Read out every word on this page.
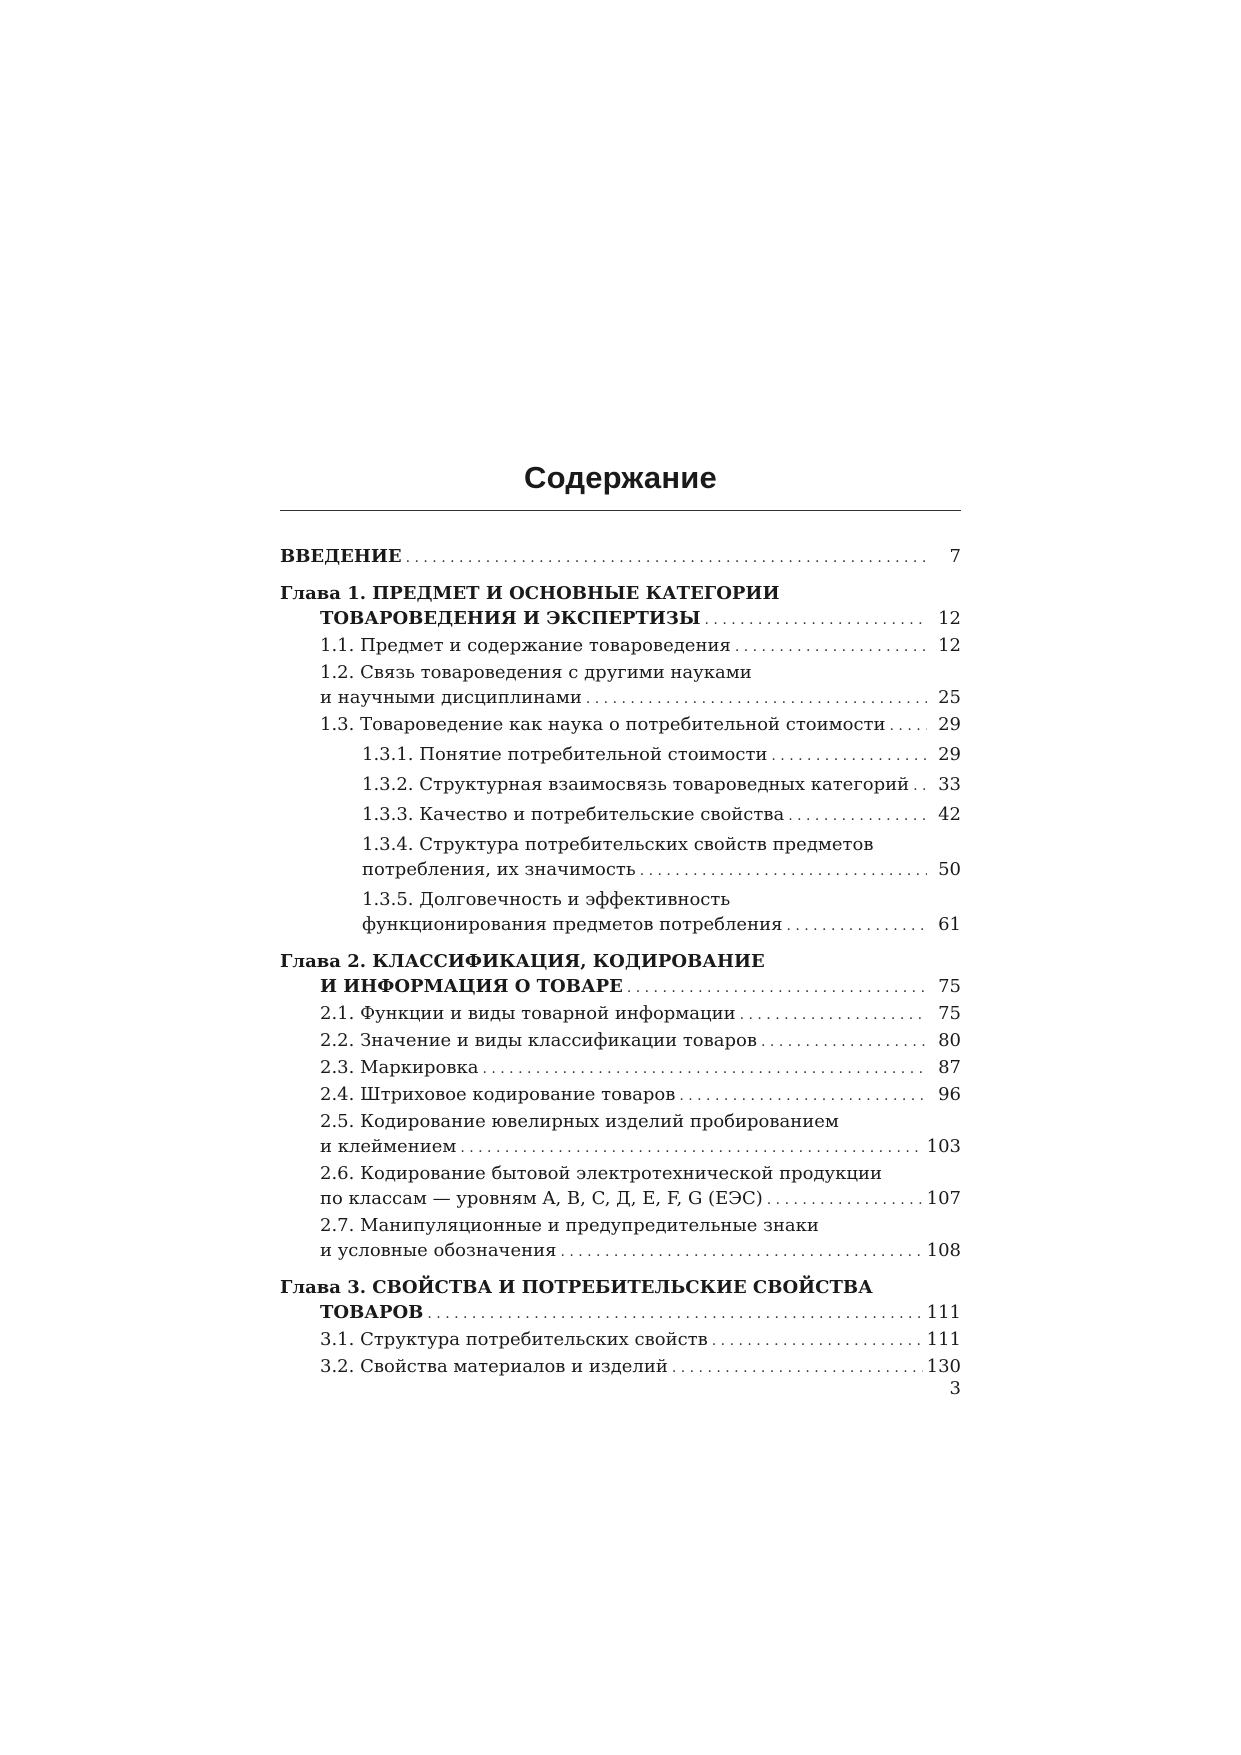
Содержание
ВВЕДЕНИЕ . . .	7
Глава 1. ПРЕДМЕТ И ОСНОВНЫЕ КАТЕГОРИИ
ТОВАРОВЕДЕНИЯ И ЭКСПЕРТИЗЫ . . .	12
1.1. Предмет и содержание товароведения . . .	12
1.2. Связь товароведения с другими науками
и научными дисциплинами . . .	25
1.3. Товароведение как наука о потребительной стоимости . . .	29
1.3.1. Понятие потребительной стоимости . . .	29
1.3.2. Структурная взаимосвязь товароведных категорий . . .	33
1.3.3. Качество и потребительские свойства . . .	42
1.3.4. Структура потребительских свойств предметов
потребления, их значимость . . .	50
1.3.5. Долговечность и эффективность
функционирования предметов потребления . . .	61
Глава 2. КЛАССИФИКАЦИЯ, КОДИРОВАНИЕ
И ИНФОРМАЦИЯ О ТОВАРЕ . . .	75
2.1. Функции и виды товарной информации . . .	75
2.2. Значение и виды классификации товаров . . .	80
2.3. Маркировка . . .	87
2.4. Штриховое кодирование товаров . . .	96
2.5. Кодирование ювелирных изделий пробированием
и клеймением . . .	103
2.6. Кодирование бытовой электротехнической продукции
по классам — уровням A, B, C, Д, E, F, G (ЕЭС) . . .	107
2.7. Манипуляционные и предупредительные знаки
и условные обозначения . . .	108
Глава 3. СВОЙСТВА И ПОТРЕБИТЕЛЬСКИЕ СВОЙСТВА
ТОВАРОВ . . .	111
3.1. Структура потребительских свойств . . .	111
3.2. Свойства материалов и изделий . . .	130
3
